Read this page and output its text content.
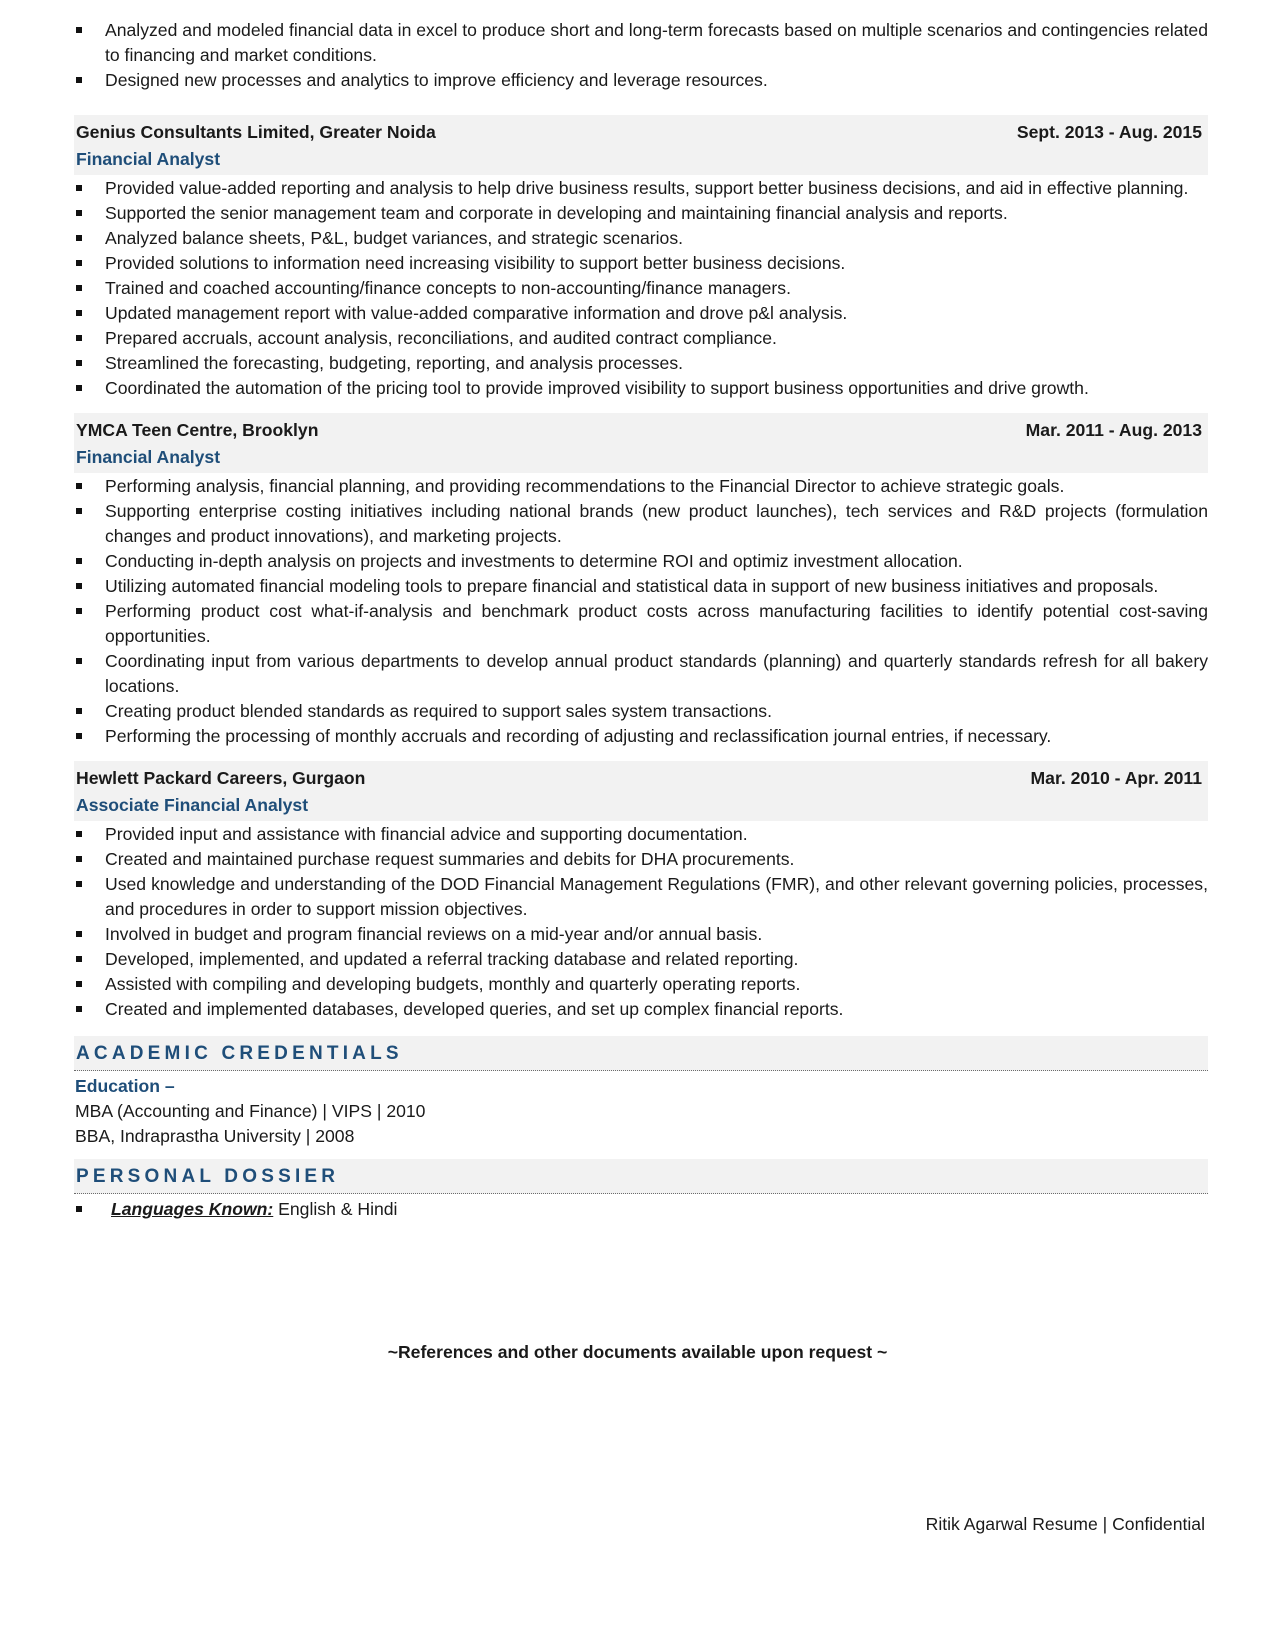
Analyzed and modeled financial data in excel to produce short and long-term forecasts based on multiple scenarios and contingencies related to financing and market conditions.
Designed new processes and analytics to improve efficiency and leverage resources.
Genius Consultants Limited, Greater Noida	Sept. 2013 - Aug. 2015
Financial Analyst
Provided value-added reporting and analysis to help drive business results, support better business decisions, and aid in effective planning.
Supported the senior management team and corporate in developing and maintaining financial analysis and reports.
Analyzed balance sheets, P&L, budget variances, and strategic scenarios.
Provided solutions to information need increasing visibility to support better business decisions.
Trained and coached accounting/finance concepts to non-accounting/finance managers.
Updated management report with value-added comparative information and drove p&l analysis.
Prepared accruals, account analysis, reconciliations, and audited contract compliance.
Streamlined the forecasting, budgeting, reporting, and analysis processes.
Coordinated the automation of the pricing tool to provide improved visibility to support business opportunities and drive growth.
YMCA Teen Centre, Brooklyn	Mar. 2011 - Aug. 2013
Financial Analyst
Performing analysis, financial planning, and providing recommendations to the Financial Director to achieve strategic goals.
Supporting enterprise costing initiatives including national brands (new product launches), tech services and R&D projects (formulation changes and product innovations), and marketing projects.
Conducting in-depth analysis on projects and investments to determine ROI and optimiz investment allocation.
Utilizing automated financial modeling tools to prepare financial and statistical data in support of new business initiatives and proposals.
Performing product cost what-if-analysis and benchmark product costs across manufacturing facilities to identify potential cost-saving opportunities.
Coordinating input from various departments to develop annual product standards (planning) and quarterly standards refresh for all bakery locations.
Creating product blended standards as required to support sales system transactions.
Performing the processing of monthly accruals and recording of adjusting and reclassification journal entries, if necessary.
Hewlett Packard Careers, Gurgaon	Mar. 2010 - Apr. 2011
Associate Financial Analyst
Provided input and assistance with financial advice and supporting documentation.
Created and maintained purchase request summaries and debits for DHA procurements.
Used knowledge and understanding of the DOD Financial Management Regulations (FMR), and other relevant governing policies, processes, and procedures in order to support mission objectives.
Involved in budget and program financial reviews on a mid-year and/or annual basis.
Developed, implemented, and updated a referral tracking database and related reporting.
Assisted with compiling and developing budgets, monthly and quarterly operating reports.
Created and implemented databases, developed queries, and set up complex financial reports.
ACADEMIC CREDENTIALS
Education –
MBA (Accounting and Finance) | VIPS | 2010
BBA, Indraprastha University | 2008
PERSONAL DOSSIER
Languages Known: English & Hindi
~References and other documents available upon request ~
Ritik Agarwal Resume | Confidential
